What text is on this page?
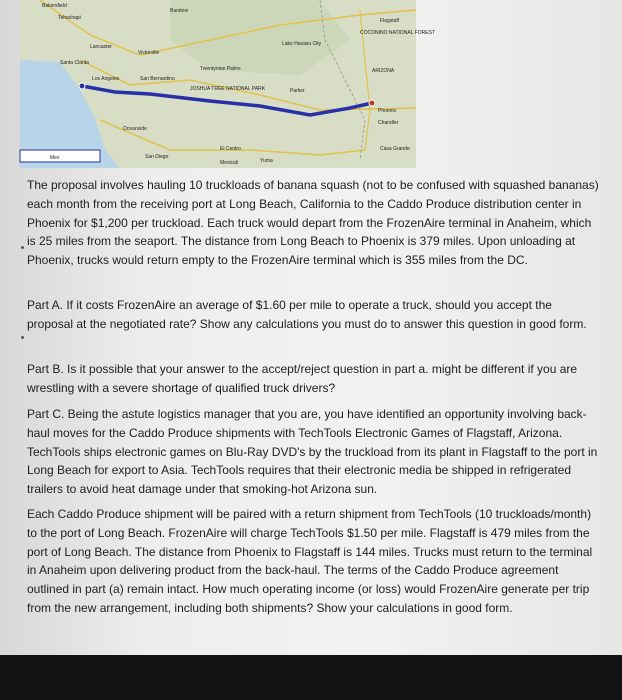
Bakersfield
Tehachapi
Barstow
Lancaster
Victorville
Santa Clarita
Los Angeles	San Bernardino
JOSHUA TREE NATIONAL PARK
Twentynine Palms
Oceanside
San Diego
ARIZONA
Phoenix
Chandler
Casa Grande
Yuma
Mexicali
El Centro
COCONINO NATIONAL FOREST
Flagstaff
Lake Havasu City
Parker
Mex

The proposal involves hauling 10 truckloads of banana squash (not to be confused with squashed bananas) each month from the receiving port at Long Beach, California to the Caddo Produce distribution center in Phoenix for $1,200 per truckload. Each truck would depart from the FrozenAire terminal in Anaheim, which is 25 miles from the seaport. The distance from Long Beach to Phoenix is 379 miles. Upon unloading at Phoenix, trucks would return empty to the FrozenAire terminal which is 355 miles from the DC.

Part A. If it costs FrozenAire an average of $1.60 per mile to operate a truck, should you accept the proposal at the negotiated rate? Show any calculations you must do to answer this question in good form.

Part B. Is it possible that your answer to the accept/reject question in part a. might be different if you are wrestling with a severe shortage of qualified truck drivers?

Part C. Being the astute logistics manager that you are, you have identified an opportunity involving back-haul moves for the Caddo Produce shipments with TechTools Electronic Games of Flagstaff, Arizona. TechTools ships electronic games on Blu-Ray DVD's by the truckload from its plant in Flagstaff to the port in Long Beach for export to Asia. TechTools requires that their electronic media be shipped in refrigerated trailers to avoid heat damage under that smoking-hot Arizona sun.

Each Caddo Produce shipment will be paired with a return shipment from TechTools (10 truckloads/month) to the port of Long Beach. FrozenAire will charge TechTools $1.50 per mile. Flagstaff is 479 miles from the port of Long Beach. The distance from Phoenix to Flagstaff is 144 miles. Trucks must return to the terminal in Anaheim upon delivering product from the back-haul. The terms of the Caddo Produce agreement outlined in part (a) remain intact. How much operating income (or loss) would FrozenAire generate per trip from the new arrangement, including both shipments? Show your calculations in good form.
